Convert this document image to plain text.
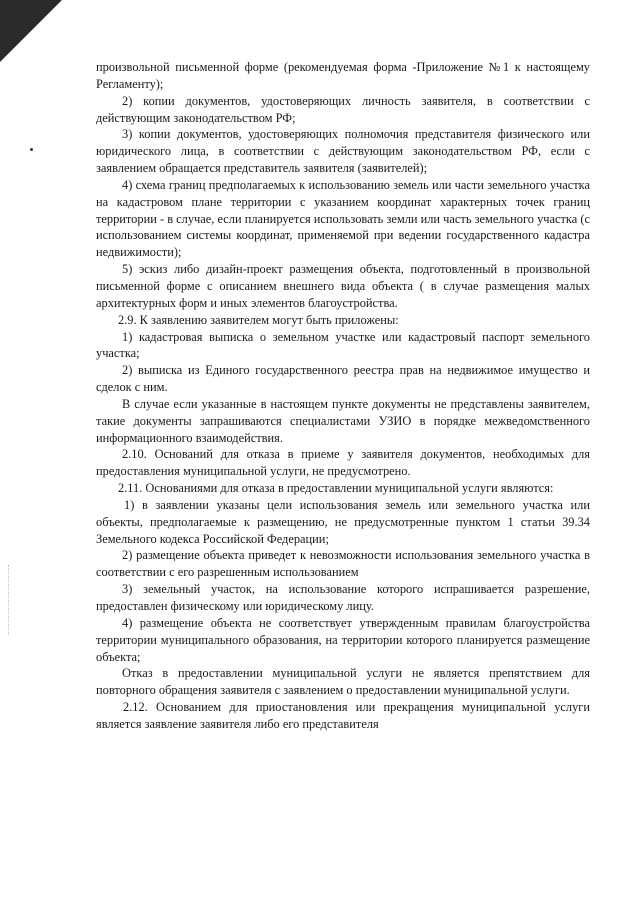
произвольной письменной форме (рекомендуемая форма -Приложение №1 к настоящему Регламенту);

2) копии документов, удостоверяющих личность заявителя, в соответствии с действующим законодательством РФ;

3) копии документов, удостоверяющих полномочия представителя физического или юридического лица, в соответствии с действующим законодательством РФ, если с заявлением обращается представитель заявителя (заявителей);

4) схема границ предполагаемых к использованию земель или части земельного участка на кадастровом плане территории с указанием координат характерных точек границ территории - в случае, если планируется использовать земли или часть земельного участка (с использованием системы координат, применяемой при ведении государственного кадастра недвижимости);

5) эскиз либо дизайн-проект размещения объекта, подготовленный в произвольной письменной форме с описанием внешнего вида объекта ( в случае размещения малых архитектурных форм и иных элементов благоустройства.

2.9. К заявлению заявителем могут быть приложены:

1) кадастровая выписка о земельном участке или кадастровый паспорт земельного участка;

2) выписка из Единого государственного реестра прав на недвижимое имущество и сделок с ним.

В случае если указанные в настоящем пункте документы не представлены заявителем, такие документы запрашиваются специалистами УЗИО в порядке межведомственного информационного взаимодействия.

2.10. Оснований для отказа в приеме у заявителя документов, необходимых для предоставления муниципальной услуги, не предусмотрено.

2.11. Основаниями для отказа в предоставлении муниципальной услуги являются:

1) в заявлении указаны цели использования земель или земельного участка или объекты, предполагаемые к размещению, не предусмотренные пунктом 1 статьи 39.34 Земельного кодекса Российской Федерации;

2) размещение объекта приведет к невозможности использования земельного участка в соответствии с его разрешенным использованием

3) земельный участок, на использование которого испрашивается разрешение, предоставлен физическому или юридическому лицу.

4) размещение объекта не соответствует утвержденным правилам благоустройства территории муниципального образования, на территории которого планируется размещение объекта;

Отказ в предоставлении муниципальной услуги не является препятствием для повторного обращения заявителя с заявлением о предоставлении муниципальной услуги.

2.12. Основанием для приостановления или прекращения муниципальной услуги является заявление заявителя либо его представителя
